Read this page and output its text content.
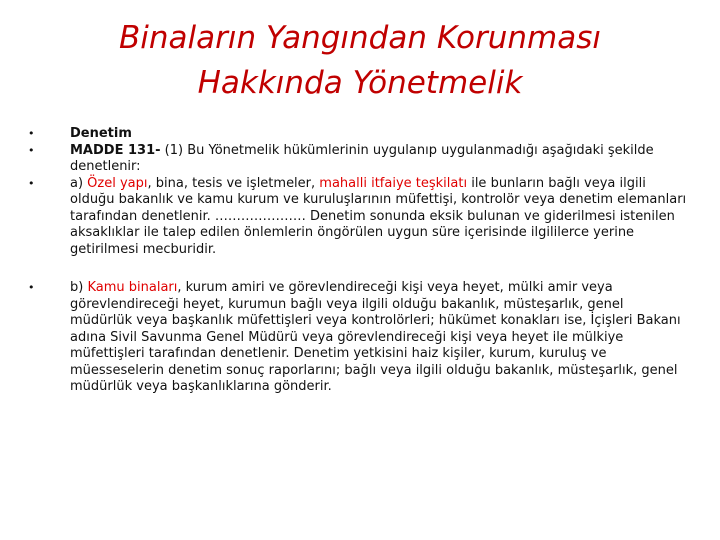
Binaların Yangından Korunması
Hakkında Yönetmelik
• Denetim
• MADDE 131- (1) Bu Yönetmelik hükümlerinin uygulanıp uygulanmadığı aşağıdaki şekilde denetlenir:
• a) Özel yapı, bina, tesis ve işletmeler, mahalli itfaiye teşkilatı ile bunların bağlı veya ilgili olduğu bakanlık ve kamu kurum ve kuruluşlarının müfettişi, kontrolör veya denetim elemanları tarafından denetlenir. ………………… Denetim sonunda eksik bulunan ve giderilmesi istenilen aksaklıklar ile talep edilen önlemlerin öngörülen uygun süre içerisinde ilgililerce yerine getirilmesi mecburidir.
• b) Kamu binaları, kurum amiri ve görevlendireceği kişi veya heyet, mülki amir veya görevlendireceği heyet, kurumun bağlı veya ilgili olduğu bakanlık, müsteşarlık, genel müdürlük veya başkanlık müfettişleri veya kontrolörleri; hükümet konakları ise, İçişleri Bakanı adına Sivil Savunma Genel Müdürü veya görevlendireceği kişi veya heyet ile mülkiye müfettişleri tarafından denetlenir. Denetim yetkisini haiz kişiler, kurum, kuruluş ve müesseselerin denetim sonuç raporlarını; bağlı veya ilgili olduğu bakanlık, müsteşarlık, genel müdürlük veya başkanlıklarına gönderir.
